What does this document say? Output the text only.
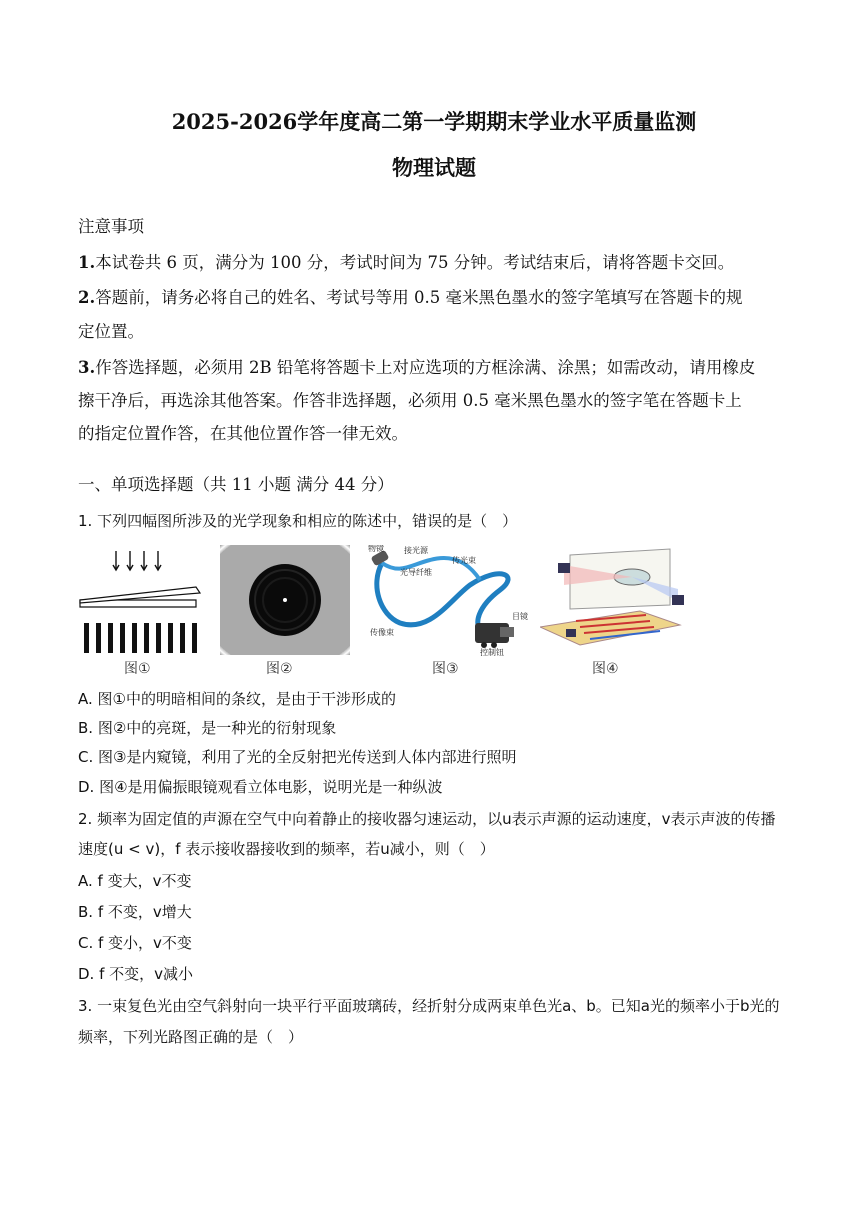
2025-2026学年度高二第一学期期末学业水平质量监测
物理试题
注意事项
1.本试卷共 6 页，满分为 100 分，考试时间为 75 分钟。考试结束后，请将答题卡交回。
2.答题前，请务必将自己的姓名、考试号等用 0.5 毫米黑色墨水的签字笔填写在答题卡的规
定位置。
3.作答选择题，必须用 2B 铅笔将答题卡上对应选项的方框涂满、涂黑；如需改动，请用橡皮
擦干净后，再选涂其他答案。作答非选择题，必须用 0.5 毫米黑色墨水的签字笔在答题卡上
的指定位置作答，在其他位置作答一律无效。
一、单项选择题（共 11 小题 满分 44 分）
1. 下列四幅图所涉及的光学现象和相应的陈述中，错误的是（　）
物镜	接光源
传光束
光导纤维
传像束
目镜
控制钮
图①	图②	图③	图④
A. 图①中的明暗相间的条纹，是由于干涉形成的
B. 图②中的亮斑，是一种光的衍射现象
C. 图③是内窥镜，利用了光的全反射把光传送到人体内部进行照明
D. 图④是用偏振眼镜观看立体电影，说明光是一种纵波
2. 频率为固定值的声源在空气中向着静止的接收器匀速运动，以u表示声源的运动速度，v表示声波的传播
速度(u < v)，f 表示接收器接收到的频率，若u减小，则（　）
A. f 变大，v不变
B. f 不变，v增大
C. f 变小，v不变
D. f 不变，v减小
3. 一束复色光由空气斜射向一块平行平面玻璃砖，经折射分成两束单色光a、b。已知a光的频率小于b光的
频率，下列光路图正确的是（　）
